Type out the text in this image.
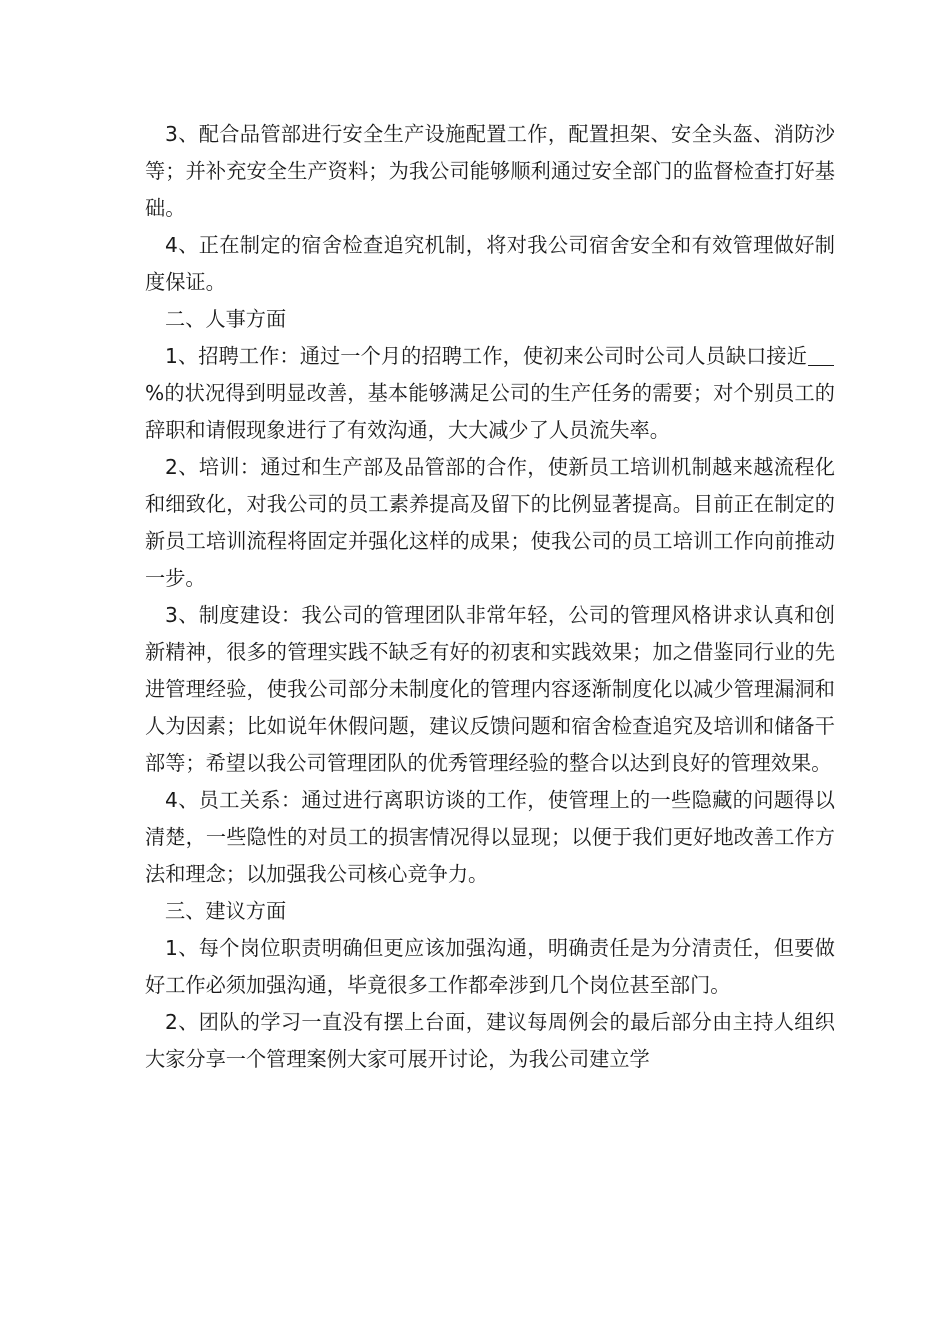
3、配合品管部进行安全生产设施配置工作，配置担架、安全头盔、消防沙等；并补充安全生产资料；为我公司能够顺利通过安全部门的监督检查打好基础。

4、正在制定的宿舍检查追究机制，将对我公司宿舍安全和有效管理做好制度保证。

二、人事方面

1、招聘工作：通过一个月的招聘工作，使初来公司时公司人员缺口接近%的状况得到明显改善，基本能够满足公司的生产任务的需要；对个别员工的辞职和请假现象进行了有效沟通，大大减少了人员流失率。

2、培训：通过和生产部及品管部的合作，使新员工培训机制越来越流程化和细致化，对我公司的员工素养提高及留下的比例显著提高。目前正在制定的新员工培训流程将固定并强化这样的成果；使我公司的员工培训工作向前推动一步。

3、制度建设：我公司的管理团队非常年轻，公司的管理风格讲求认真和创新精神，很多的管理实践不缺乏有好的初衷和实践效果；加之借鉴同行业的先进管理经验，使我公司部分未制度化的管理内容逐渐制度化以减少管理漏洞和人为因素；比如说年休假问题，建议反馈问题和宿舍检查追究及培训和储备干部等；希望以我公司管理团队的优秀管理经验的整合以达到良好的管理效果。

4、员工关系：通过进行离职访谈的工作，使管理上的一些隐藏的问题得以清楚，一些隐性的对员工的损害情况得以显现；以便于我们更好地改善工作方法和理念；以加强我公司核心竞争力。

三、建议方面

1、每个岗位职责明确但更应该加强沟通，明确责任是为分清责任，但要做好工作必须加强沟通，毕竟很多工作都牵涉到几个岗位甚至部门。

2、团队的学习一直没有摆上台面，建议每周例会的最后部分由主持人组织大家分享一个管理案例大家可展开讨论，为我公司建立学
